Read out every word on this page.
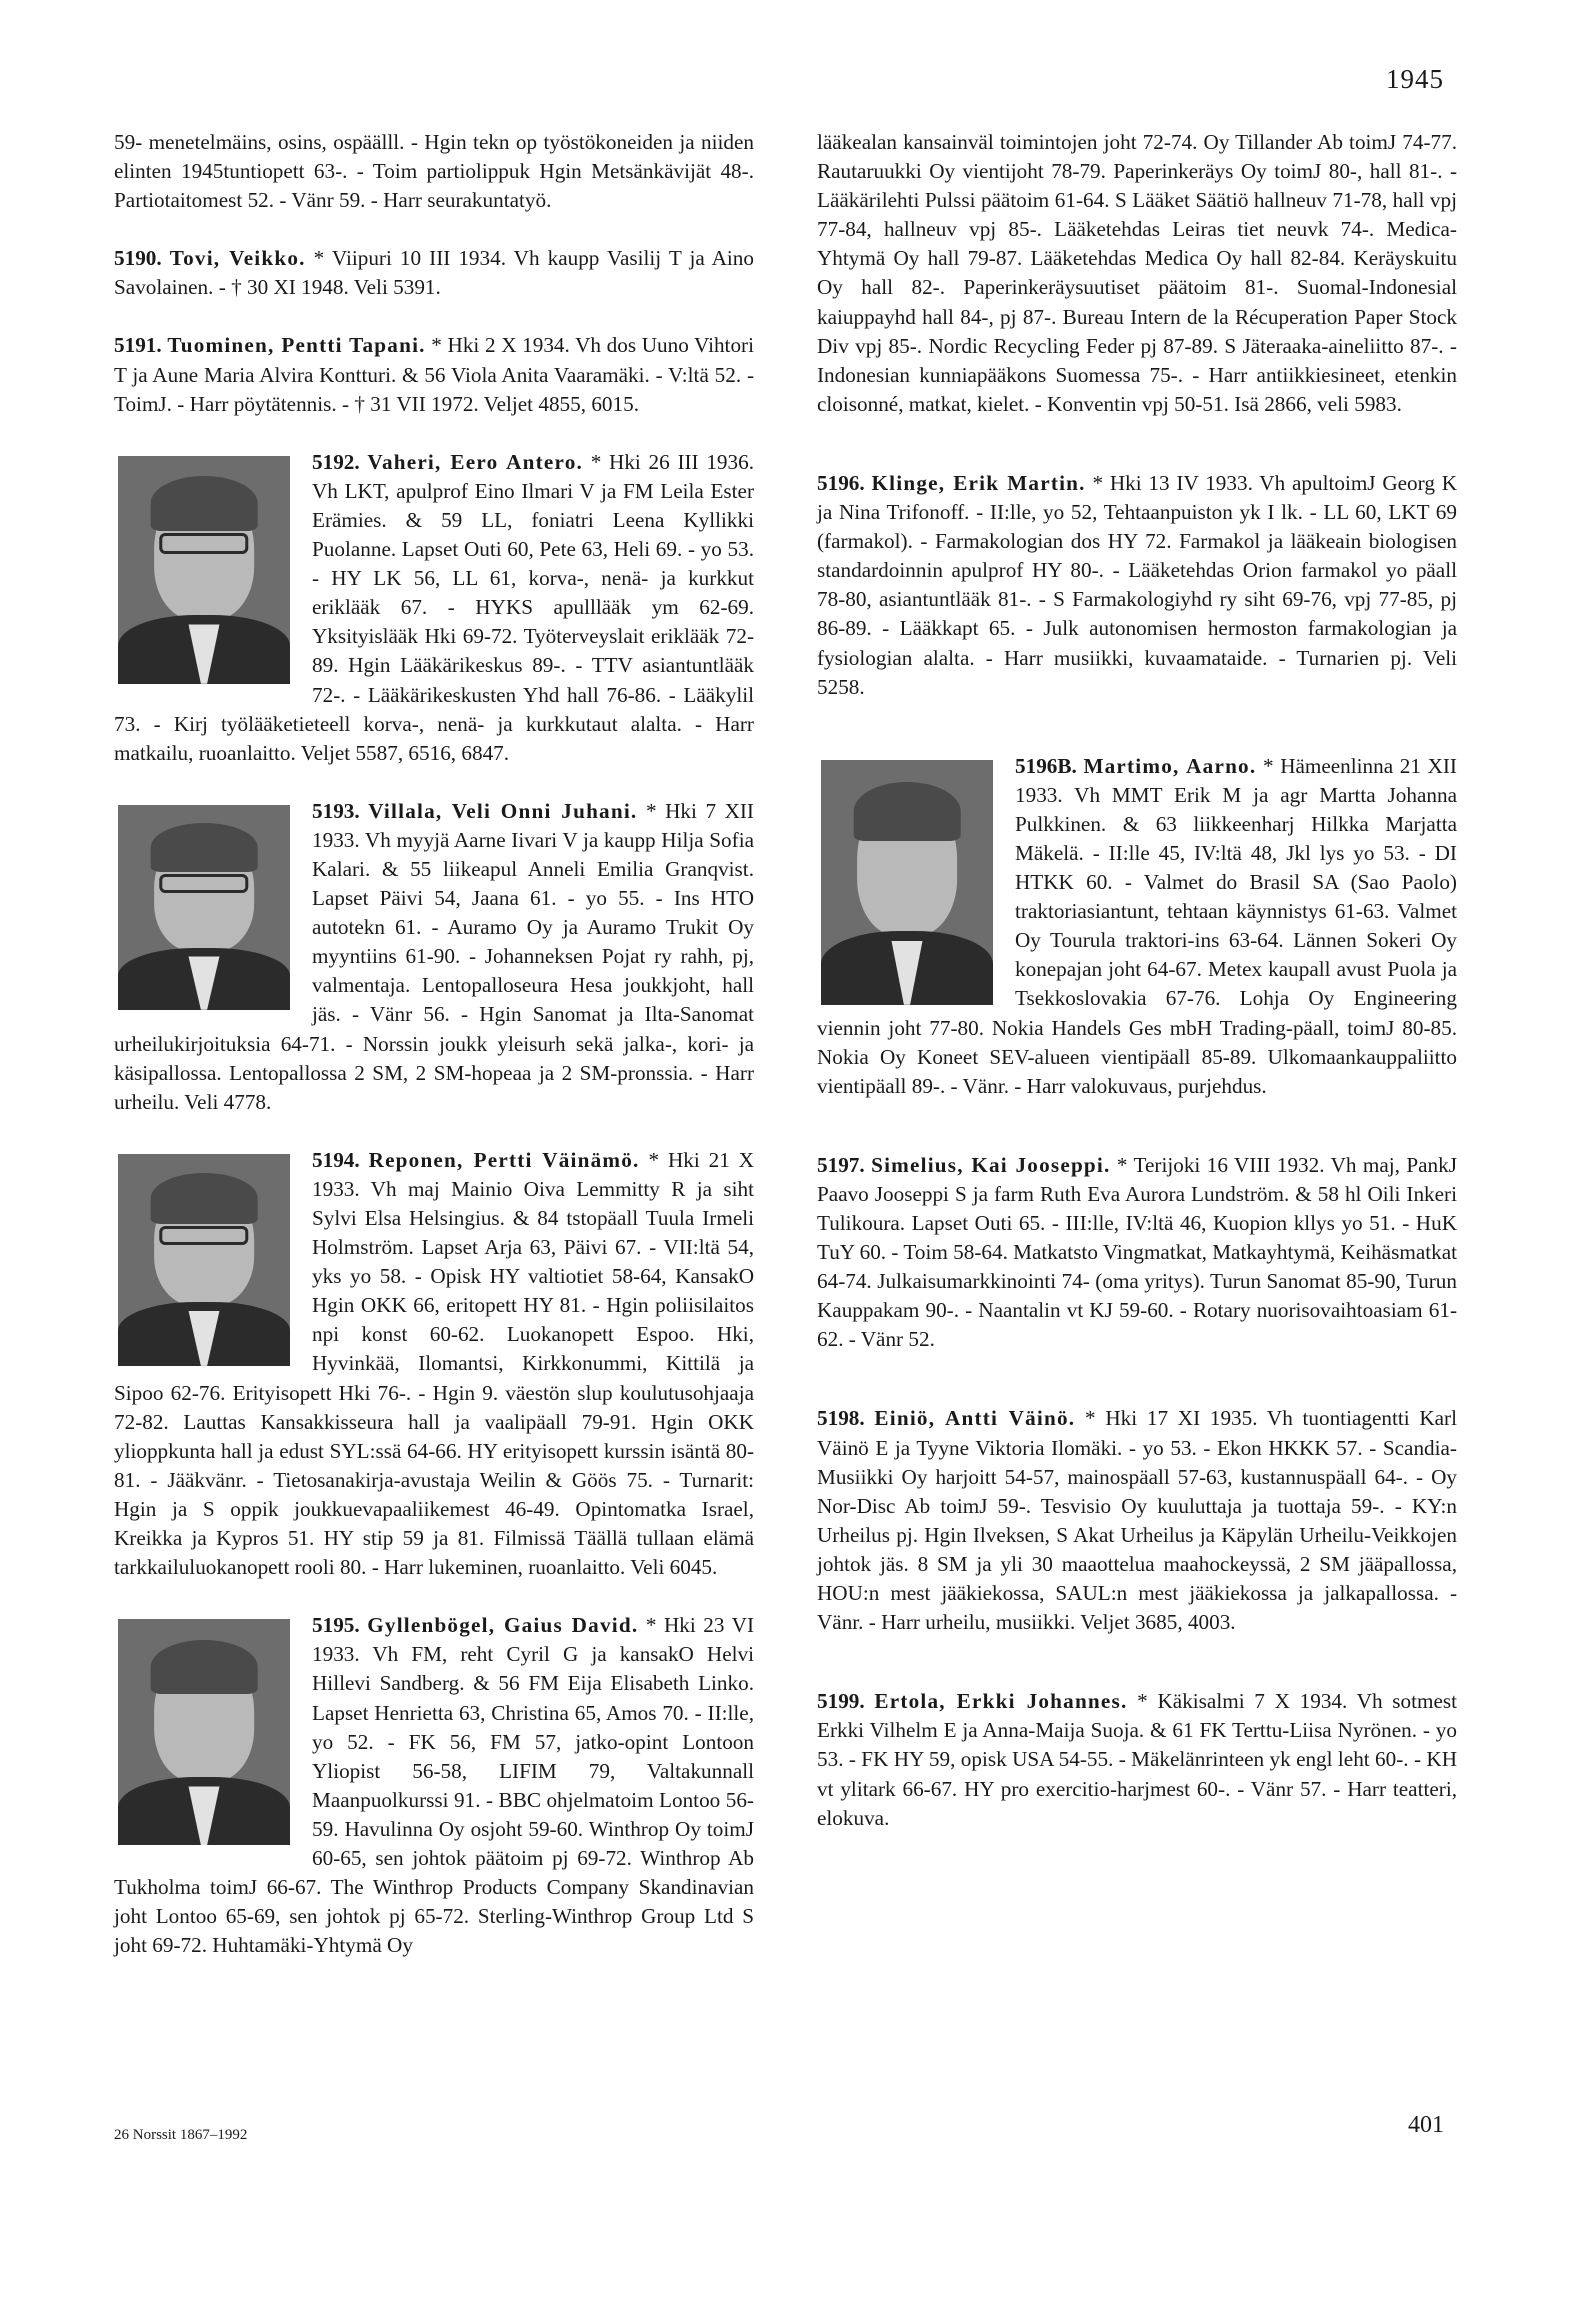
1945

59- menetelmäins, osins, ospäälll. - Hgin tekn op työstökoneiden ja niiden elinten 1945tuntiopett 63-. - Toim partiolippuk Hgin Metsänkävijät 48-. Partiotaitomest 52. - Vänr 59. - Harr seurakuntatyö.

5190. Tovi, Veikko. * Viipuri 10 III 1934. Vh kaupp Vasilij T ja Aino Savolainen. - † 30 XI 1948. Veli 5391.

5191. Tuominen, Pentti Tapani. * Hki 2 X 1934. Vh dos Uuno Vihtori T ja Aune Maria Alvira Kontturi. & 56 Viola Anita Vaaramäki. - V:ltä 52. - ToimJ. - Harr pöytätennis. - † 31 VII 1972. Veljet 4855, 6015.

5192. Vaheri, Eero Antero.
* Hki 26 III 1936. Vh LKT, apulprof Eino Ilmari V ja FM Leila Ester Erämies. & 59 LL, foniatri Leena Kyllikki Puolanne. Lapset Outi 60, Pete 63, Heli 69. - yo 53. - HY LK 56, LL 61, korva-, nenä- ja kurkkut eriklääk 67. - HYKS apulllääk ym 62-69. Yksityislääk Hki 69-72. Työterveyslait eriklääk 72-89. Hgin Lääkärikeskus 89-. - TTV asiantuntlääk 72-. - Lääkärikeskusten Yhd hall 76-86. - Lääkylil 73. - Kirj työlääketieteell korva-, nenä- ja kurkkutaut alalta. - Harr matkailu, ruoanlaitto. Veljet 5587, 6516, 6847.

5193. Villala, Veli Onni Juhani.
* Hki 7 XII 1933. Vh myyjä Aarne Iivari V ja kaupp Hilja Sofia Kalari. & 55 liikeapul Anneli Emilia Granqvist. Lapset Päivi 54, Jaana 61. - yo 55. - Ins HTO autotekn 61. - Auramo Oy ja Auramo Trukit Oy myyntiins 61-90. - Johanneksen Pojat ry rahh, pj, valmentaja. Lentopalloseura Hesa joukkjoht, hall jäs. - Vänr 56. - Hgin Sanomat ja Ilta-Sanomat urheilukirjoituksia 64-71. - Norssin joukk yleisurh sekä jalka-, kori- ja käsipallossa. Lentopallossa 2 SM, 2 SM-hopeaa ja 2 SM-pronssia. - Harr urheilu. Veli 4778.

5194. Reponen, Pertti Väinämö.
* Hki 21 X 1933. Vh maj Mainio Oiva Lemmitty R ja siht Sylvi Elsa Helsingius. & 84 tstopäall Tuula Irmeli Holmström. Lapset Arja 63, Päivi 67. - VII:ltä 54, yks yo 58. - Opisk HY valtiotiet 58-64, KansakO Hgin OKK 66, eritopett HY 81. - Hgin poliisilaitos npi konst 60-62. Luokanopett Espoo. Hki, Hyvinkää, Ilomantsi, Kirkkonummi, Kittilä ja Sipoo 62-76. Erityisopett Hki 76-. - Hgin 9. väestön slup koulutusohjaaja 72-82. Lauttas Kansakkisseura hall ja vaalipäall 79-91. Hgin OKK ylioppkunta hall ja edust SYL:ssä 64-66. HY erityisopett kurssin isäntä 80-81. - Jääkvänr. - Tietosanakirja-avustaja Weilin & Göös 75. - Turnarit: Hgin ja S oppik joukkuevapaaliikemest 46-49. Opintomatka Israel, Kreikka ja Kypros 51. HY stip 59 ja 81. Filmissä Täällä tullaan elämä tarkkailuluokanopett rooli 80. - Harr lukeminen, ruoanlaitto. Veli 6045.

5195. Gyllenbögel, Gaius David.
* Hki 23 VI 1933. Vh FM, reht Cyril G ja kansakO Helvi Hillevi Sandberg. & 56 FM Eija Elisabeth Linko. Lapset Henrietta 63, Christina 65, Amos 70. - II:lle, yo 52. - FK 56, FM 57, jatko-opint Lontoon Yliopist 56-58, LIFIM 79, Valtakunnall Maanpuolkurssi 91. - BBC ohjelmatoim Lontoo 56-59. Havulinna Oy osjoht 59-60. Winthrop Oy toimJ 60-65, sen johtok päätoim pj 69-72. Winthrop Ab Tukholma toimJ 66-67. The Winthrop Products Company Skandinavian joht Lontoo 65-69, sen johtok pj 65-72. Sterling-Winthrop Group Ltd S joht 69-72. Huhtamäki-Yhtymä Oy

lääkealan kansainväl toimintojen joht 72-74. Oy Tillander Ab toimJ 74-77. Rautaruukki Oy vientijoht 78-79. Paperinkeräys Oy toimJ 80-, hall 81-. - Lääkärilehti Pulssi päätoim 61-64. S Lääket Säätiö hallneuv 71-78, hall vpj 77-84, hallneuv vpj 85-. Lääketehdas Leiras tiet neuvk 74-. Medica-Yhtymä Oy hall 79-87. Lääketehdas Medica Oy hall 82-84. Keräyskuitu Oy hall 82-. Paperinkeräysuutiset päätoim 81-. Suomal-Indonesial kaiuppayhd hall 84-, pj 87-. Bureau Intern de la Récuperation Paper Stock Div vpj 85-. Nordic Recycling Feder pj 87-89. S Jäteraaka-aineliitto 87-. - Indonesian kunniapääkons Suomessa 75-. - Harr antiikkiesineet, etenkin cloisonné, matkat, kielet. - Konventin vpj 50-51. Isä 2866, veli 5983.

5196. Klinge, Erik Martin. * Hki 13 IV 1933. Vh apultoimJ Georg K ja Nina Trifonoff. - II:lle, yo 52, Tehtaanpuiston yk I lk. - LL 60, LKT 69 (farmakol). - Farmakologian dos HY 72. Farmakol ja lääkeain biologisen standardoinnin apulprof HY 80-. - Lääketehdas Orion farmakol yo päall 78-80, asiantuntlääk 81-. - S Farmakologiyhd ry siht 69-76, vpj 77-85, pj 86-89. - Lääkkapt 65. - Julk autonomisen hermoston farmakologian ja fysiologian alalta. - Harr musiikki, kuvaamataide. - Turnarien pj. Veli 5258.

5196B. Martimo, Aarno.
* Hämeenlinna 21 XII 1933. Vh MMT Erik M ja agr Martta Johanna Pulkkinen. & 63 liikkeenharj Hilkka Marjatta Mäkelä. - II:lle 45, IV:ltä 48, Jkl lys yo 53. - DI HTKK 60. - Valmet do Brasil SA (Sao Paolo) traktoriasiantunt, tehtaan käynnistys 61-63. Valmet Oy Tourula traktori-ins 63-64. Lännen Sokeri Oy konepajan joht 64-67. Metex kaupall avust Puola ja Tsekkoslovakia 67-76. Lohja Oy Engineering viennin joht 77-80. Nokia Handels Ges mbH Trading-päall, toimJ 80-85. Nokia Oy Koneet SEV-alueen vientipäall 85-89. Ulkomaankauppaliitto vientipäall 89-. - Vänr. - Harr valokuvaus, purjehdus.

5197. Simelius, Kai Jooseppi. * Terijoki 16 VIII 1932. Vh maj, PankJ Paavo Jooseppi S ja farm Ruth Eva Aurora Lundström. & 58 hl Oili Inkeri Tulikoura. Lapset Outi 65. - III:lle, IV:ltä 46, Kuopion kllys yo 51. - HuK TuY 60. - Toim 58-64. Matkatsto Vingmatkat, Matkayhtymä, Keihäsmatkat 64-74. Julkaisumarkkinointi 74- (oma yritys). Turun Sanomat 85-90, Turun Kauppakam 90-. - Naantalin vt KJ 59-60. - Rotary nuorisovaihtoasiam 61-62. - Vänr 52.

5198. Einiö, Antti Väinö. * Hki 17 XI 1935. Vh tuontiagentti Karl Väinö E ja Tyyne Viktoria Ilomäki. - yo 53. - Ekon HKKK 57. - Scandia-Musiikki Oy harjoitt 54-57, mainospäall 57-63, kustannuspäall 64-. - Oy Nor-Disc Ab toimJ 59-. Tesvisio Oy kuuluttaja ja tuottaja 59-. - KY:n Urheilus pj. Hgin Ilveksen, S Akat Urheilus ja Käpylän Urheilu-Veikkojen johtok jäs. 8 SM ja yli 30 maaottelua maahockeyssä, 2 SM jääpallossa, HOU:n mest jääkiekossa, SAUL:n mest jääkiekossa ja jalkapallossa. - Vänr. - Harr urheilu, musiikki. Veljet 3685, 4003.

5199. Ertola, Erkki Johannes. * Käkisalmi 7 X 1934. Vh sotmest Erkki Vilhelm E ja Anna-Maija Suoja. & 61 FK Terttu-Liisa Nyrönen. - yo 53. - FK HY 59, opisk USA 54-55. - Mäkelänrinteen yk engl leht 60-. - KH vt ylitark 66-67. HY pro exercitio-harjmest 60-. - Vänr 57. - Harr teatteri, elokuva.

26 Norssit 1867–1992	401
